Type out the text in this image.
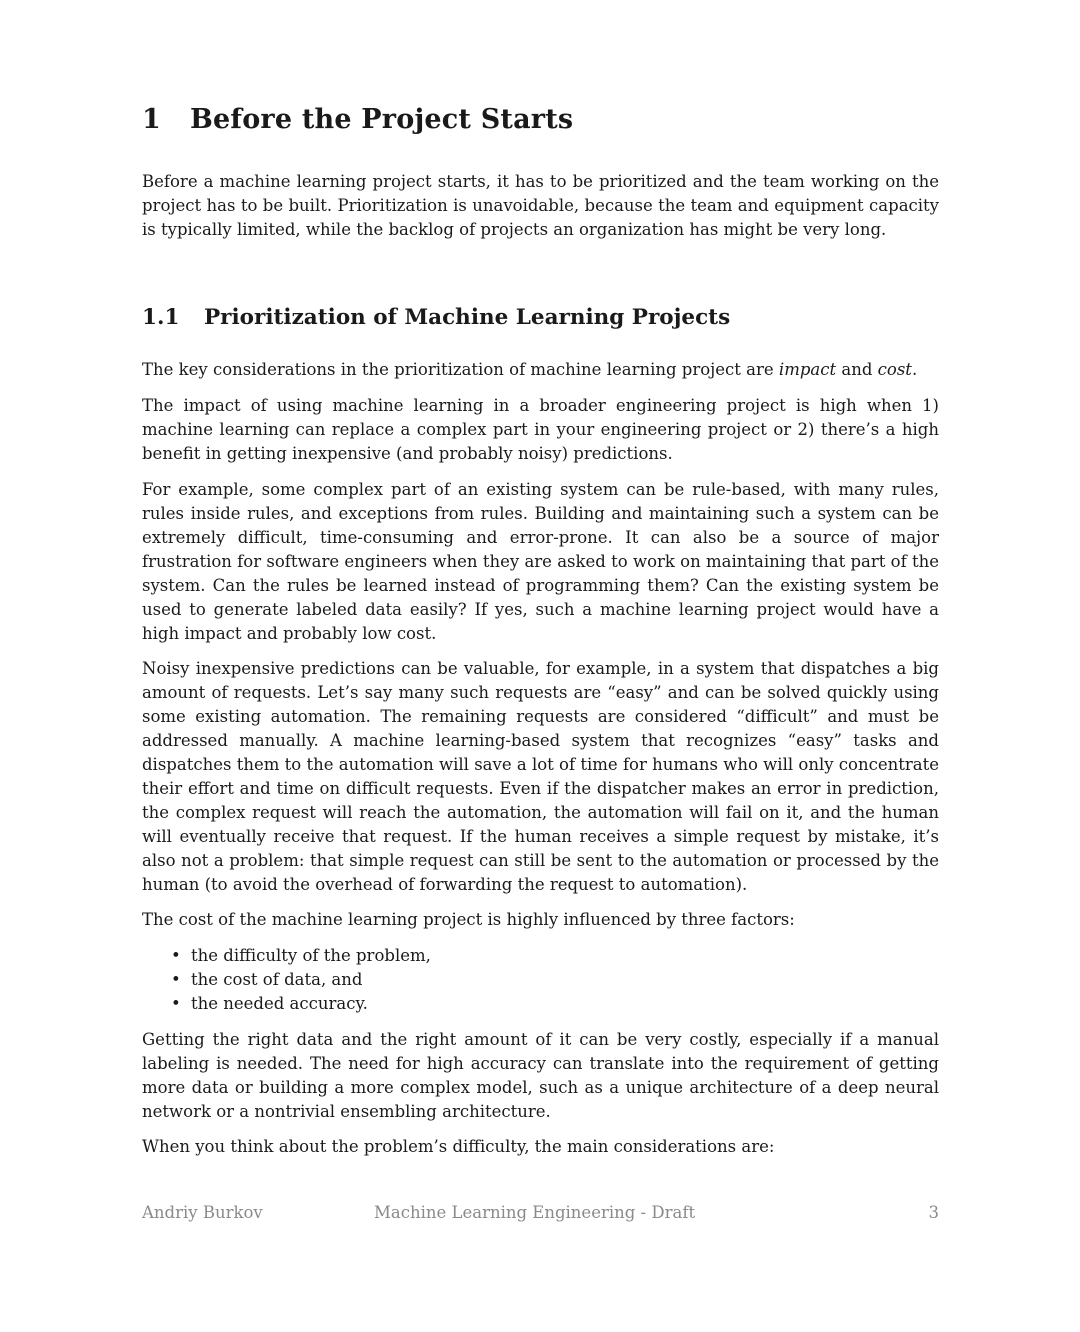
1 Before the Project Starts

Before a machine learning project starts, it has to be prioritized and the team working on the project has to be built. Prioritization is unavoidable, because the team and equipment capacity is typically limited, while the backlog of projects an organization has might be very long.

1.1 Prioritization of Machine Learning Projects

The key considerations in the prioritization of machine learning project are impact and cost.

The impact of using machine learning in a broader engineering project is high when 1) machine learning can replace a complex part in your engineering project or 2) there’s a high benefit in getting inexpensive (and probably noisy) predictions.

For example, some complex part of an existing system can be rule-based, with many rules, rules inside rules, and exceptions from rules. Building and maintaining such a system can be extremely difficult, time-consuming and error-prone. It can also be a source of major frustration for software engineers when they are asked to work on maintaining that part of the system. Can the rules be learned instead of programming them? Can the existing system be used to generate labeled data easily? If yes, such a machine learning project would have a high impact and probably low cost.

Noisy inexpensive predictions can be valuable, for example, in a system that dispatches a big amount of requests. Let’s say many such requests are “easy” and can be solved quickly using some existing automation. The remaining requests are considered “difficult” and must be addressed manually. A machine learning-based system that recognizes “easy” tasks and dispatches them to the automation will save a lot of time for humans who will only concentrate their effort and time on difficult requests. Even if the dispatcher makes an error in prediction, the complex request will reach the automation, the automation will fail on it, and the human will eventually receive that request. If the human receives a simple request by mistake, it’s also not a problem: that simple request can still be sent to the automation or processed by the human (to avoid the overhead of forwarding the request to automation).

The cost of the machine learning project is highly influenced by three factors:

• the difficulty of the problem,
• the cost of data, and
• the needed accuracy.

Getting the right data and the right amount of it can be very costly, especially if a manual labeling is needed. The need for high accuracy can translate into the requirement of getting more data or building a more complex model, such as a unique architecture of a deep neural network or a nontrivial ensembling architecture.

When you think about the problem’s difficulty, the main considerations are:

Andriy Burkov	Machine Learning Engineering - Draft	3
